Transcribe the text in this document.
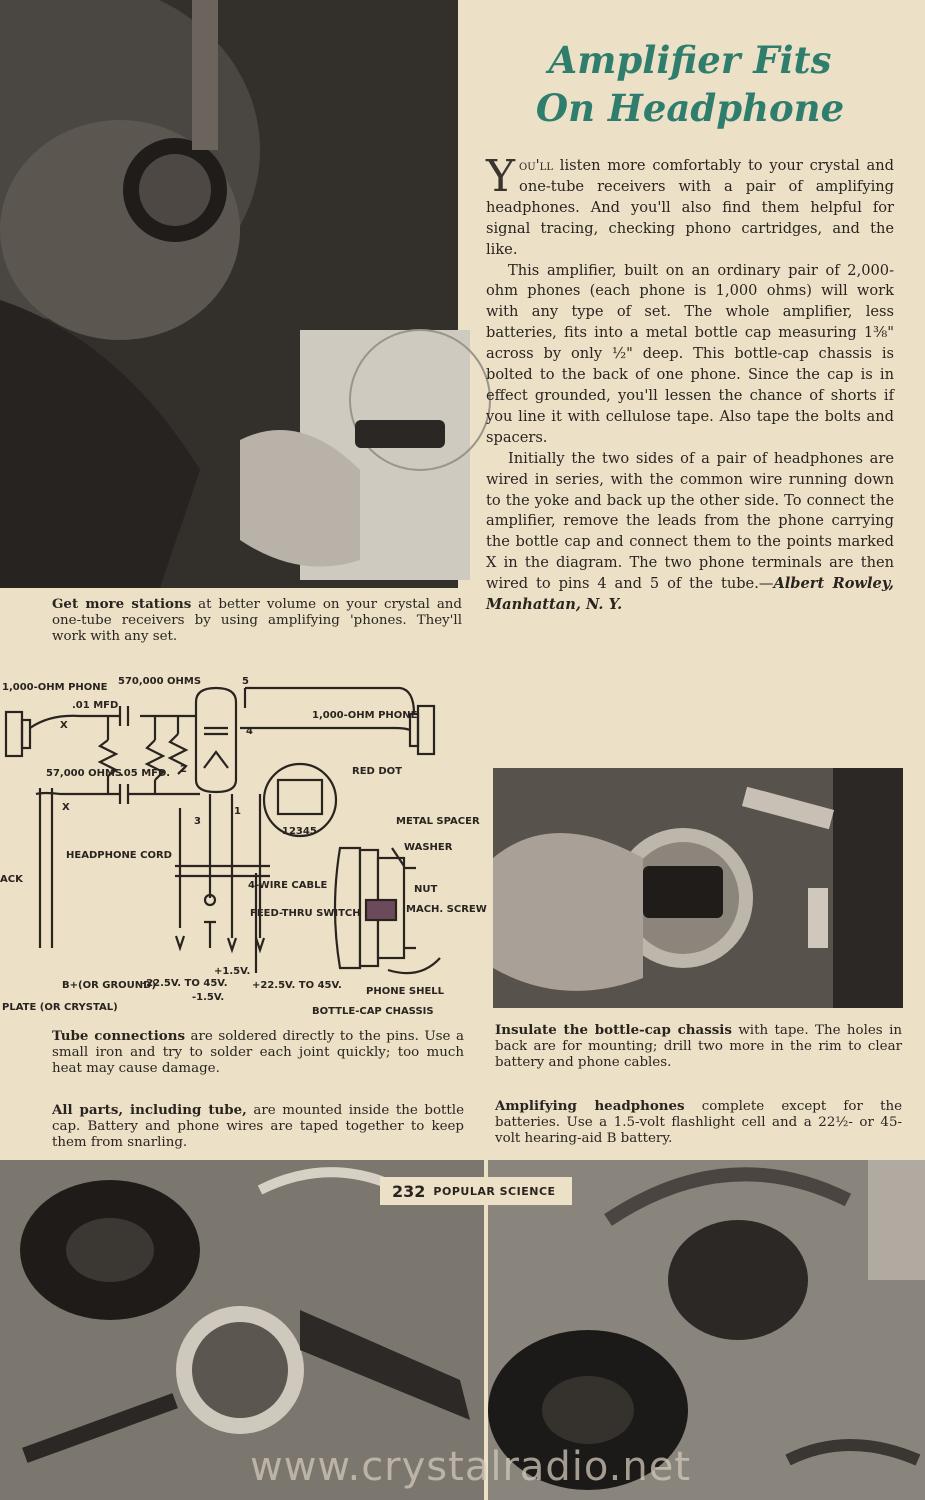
Amplifier Fits
On Headphone

You'll listen more comfortably to your crystal and one-tube receivers with a pair of amplifying headphones. And you'll also find them helpful for signal tracing, checking phono cartridges, and the like.

This amplifier, built on an ordinary pair of 2,000-ohm phones (each phone is 1,000 ohms) will work with any type of set. The whole amplifier, less batteries, fits into a metal bottle cap measuring 1⅜" across by only ½" deep. This bottle-cap chassis is bolted to the back of one phone. Since the cap is in effect grounded, you'll lessen the chance of shorts if you line it with cellulose tape. Also tape the bolts and spacers.

Initially the two sides of a pair of headphones are wired in series, with the common wire running down to the yoke and back up the other side. To connect the amplifier, remove the leads from the phone carrying the bottle cap and connect them to the points marked X in the diagram. The two phone terminals are then wired to pins 4 and 5 of the tube.—Albert Rowley, Manhattan, N. Y.

Get more stations at better volume on your crystal and one-tube receivers by using amplifying 'phones. They'll work with any set.

1,000-OHM PHONE
570,000 OHMS
.01 MFD.
X
57,000 OHMS
.05 MFD.
X
2
3
4
5
1
1,000-OHM PHONE
RED DOT
12345
METAL SPACER
WASHER
NUT
MACH. SCREW
HEADPHONE CORD
4-WIRE CABLE
FEED-THRU SWITCH
ACK
B+(OR GROUND)
PLATE (OR CRYSTAL)
-22.5V. TO 45V.
-1.5V.
+1.5V.
+22.5V. TO 45V.
PHONE SHELL
BOTTLE-CAP CHASSIS

Tube connections are soldered directly to the pins. Use a small iron and try to solder each joint quickly; too much heat may cause damage.

All parts, including tube, are mounted inside the bottle cap. Battery and phone wires are taped together to keep them from snarling.

Insulate the bottle-cap chassis with tape. The holes in back are for mounting; drill two more in the rim to clear battery and phone cables.

Amplifying headphones complete except for the batteries. Use a 1.5-volt flashlight cell and a 22½- or 45-volt hearing-aid B battery.

232 POPULAR SCIENCE
www.crystalradio.net
